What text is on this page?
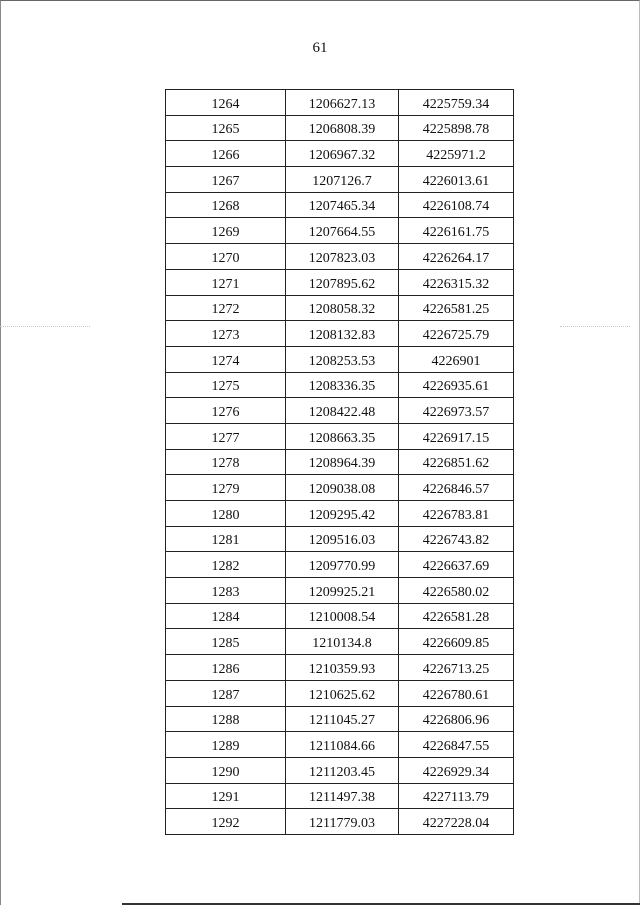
61
1264	1206627.13	4225759.34
1265	1206808.39	4225898.78
1266	1206967.32	4225971.2
1267	1207126.7	4226013.61
1268	1207465.34	4226108.74
1269	1207664.55	4226161.75
1270	1207823.03	4226264.17
1271	1207895.62	4226315.32
1272	1208058.32	4226581.25
1273	1208132.83	4226725.79
1274	1208253.53	4226901
1275	1208336.35	4226935.61
1276	1208422.48	4226973.57
1277	1208663.35	4226917.15
1278	1208964.39	4226851.62
1279	1209038.08	4226846.57
1280	1209295.42	4226783.81
1281	1209516.03	4226743.82
1282	1209770.99	4226637.69
1283	1209925.21	4226580.02
1284	1210008.54	4226581.28
1285	1210134.8	4226609.85
1286	1210359.93	4226713.25
1287	1210625.62	4226780.61
1288	1211045.27	4226806.96
1289	1211084.66	4226847.55
1290	1211203.45	4226929.34
1291	1211497.38	4227113.79
1292	1211779.03	4227228.04
